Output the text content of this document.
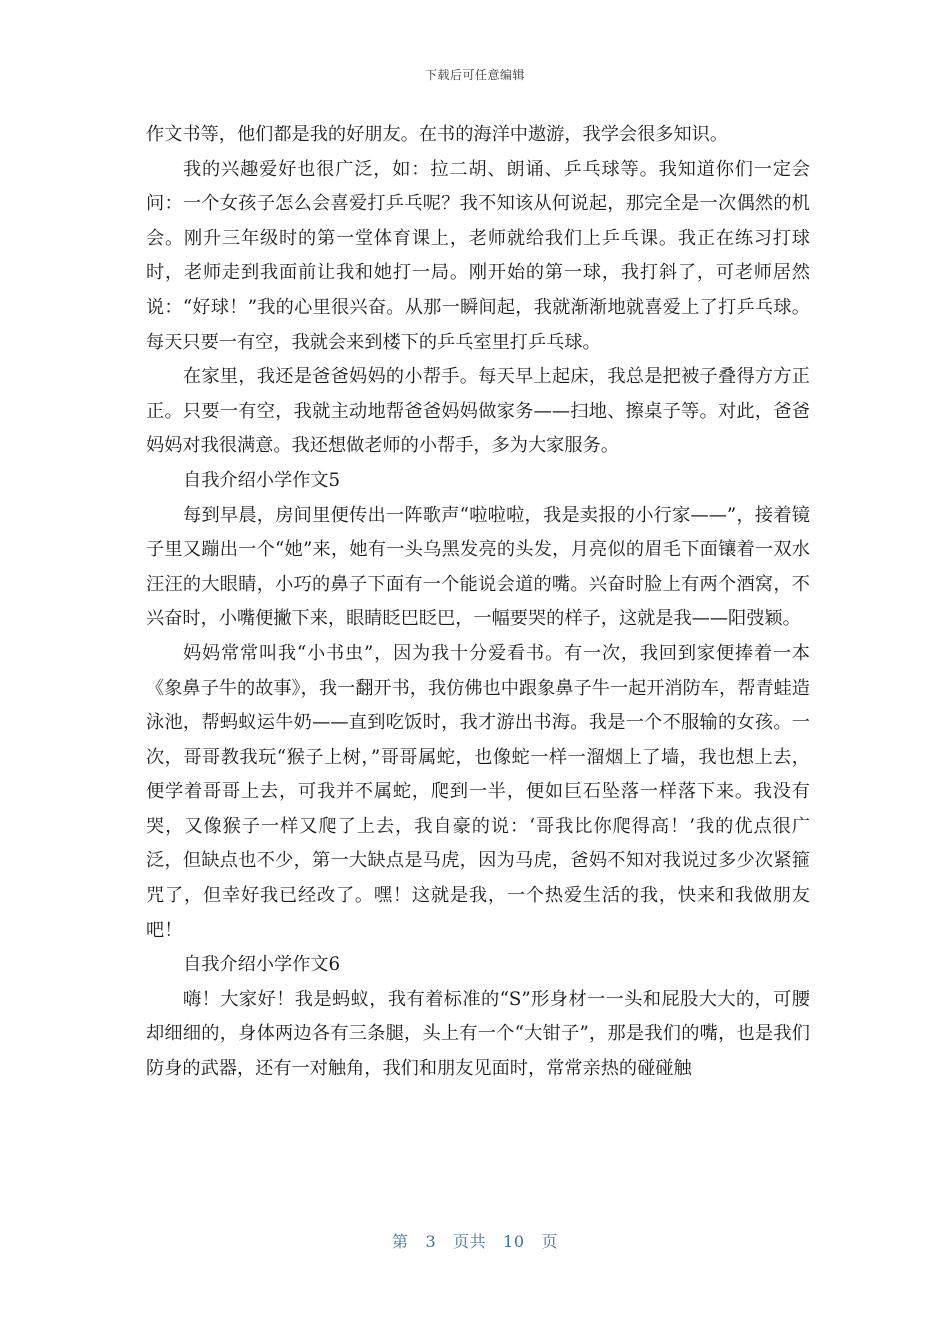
下载后可任意编辑

作文书等，他们都是我的好朋友。在书的海洋中遨游，我学会很多知识。

我的兴趣爱好也很广泛，如：拉二胡、朗诵、乒乓球等。我知道你们一定会问：一个女孩子怎么会喜爱打乒乓呢？我不知该从何说起，那完全是一次偶然的机会。刚升三年级时的第一堂体育课上，老师就给我们上乒乓课。我正在练习打球时，老师走到我面前让我和她打一局。刚开始的第一球，我打斜了，可老师居然说：“好球！”我的心里很兴奋。从那一瞬间起，我就渐渐地就喜爱上了打乒乓球。每天只要一有空，我就会来到楼下的乒乓室里打乒乓球。

在家里，我还是爸爸妈妈的小帮手。每天早上起床，我总是把被子叠得方方正正。只要一有空，我就主动地帮爸爸妈妈做家务——扫地、擦桌子等。对此，爸爸妈妈对我很满意。我还想做老师的小帮手，多为大家服务。

自我介绍小学作文5

每到早晨，房间里便传出一阵歌声“啦啦啦，我是卖报的小行家——”，接着镜子里又蹦出一个“她”来，她有一头乌黑发亮的头发，月亮似的眉毛下面镶着一双水汪汪的大眼睛，小巧的鼻子下面有一个能说会道的嘴。兴奋时脸上有两个酒窝，不兴奋时，小嘴便撇下来，眼睛眨巴眨巴，一幅要哭的样子，这就是我——阳弢颖。

妈妈常常叫我“小书虫”，因为我十分爱看书。有一次，我回到家便捧着一本《象鼻子牛的故事》，我一翻开书，我仿佛也中跟象鼻子牛一起开消防车，帮青蛙造泳池，帮蚂蚁运牛奶——直到吃饭时，我才游出书海。我是一个不服输的女孩。一次，哥哥教我玩“猴子上树，”哥哥属蛇，也像蛇一样一溜烟上了墙，我也想上去，便学着哥哥上去，可我并不属蛇，爬到一半，便如巨石坠落一样落下来。我没有哭，又像猴子一样又爬了上去，我自豪的说：‘哥我比你爬得高！’我的优点很广泛，但缺点也不少，第一大缺点是马虎，因为马虎，爸妈不知对我说过多少次紧箍咒了，但幸好我已经改了。嘿！这就是我，一个热爱生活的我，快来和我做朋友吧！

自我介绍小学作文6

嗨！大家好！我是蚂蚁，我有着标准的“S”形身材一一头和屁股大大的，可腰却细细的，身体两边各有三条腿，头上有一个“大钳子”，那是我们的嘴，也是我们防身的武器，还有一对触角，我们和朋友见面时，常常亲热的碰碰触

第 3 页共 10 页
